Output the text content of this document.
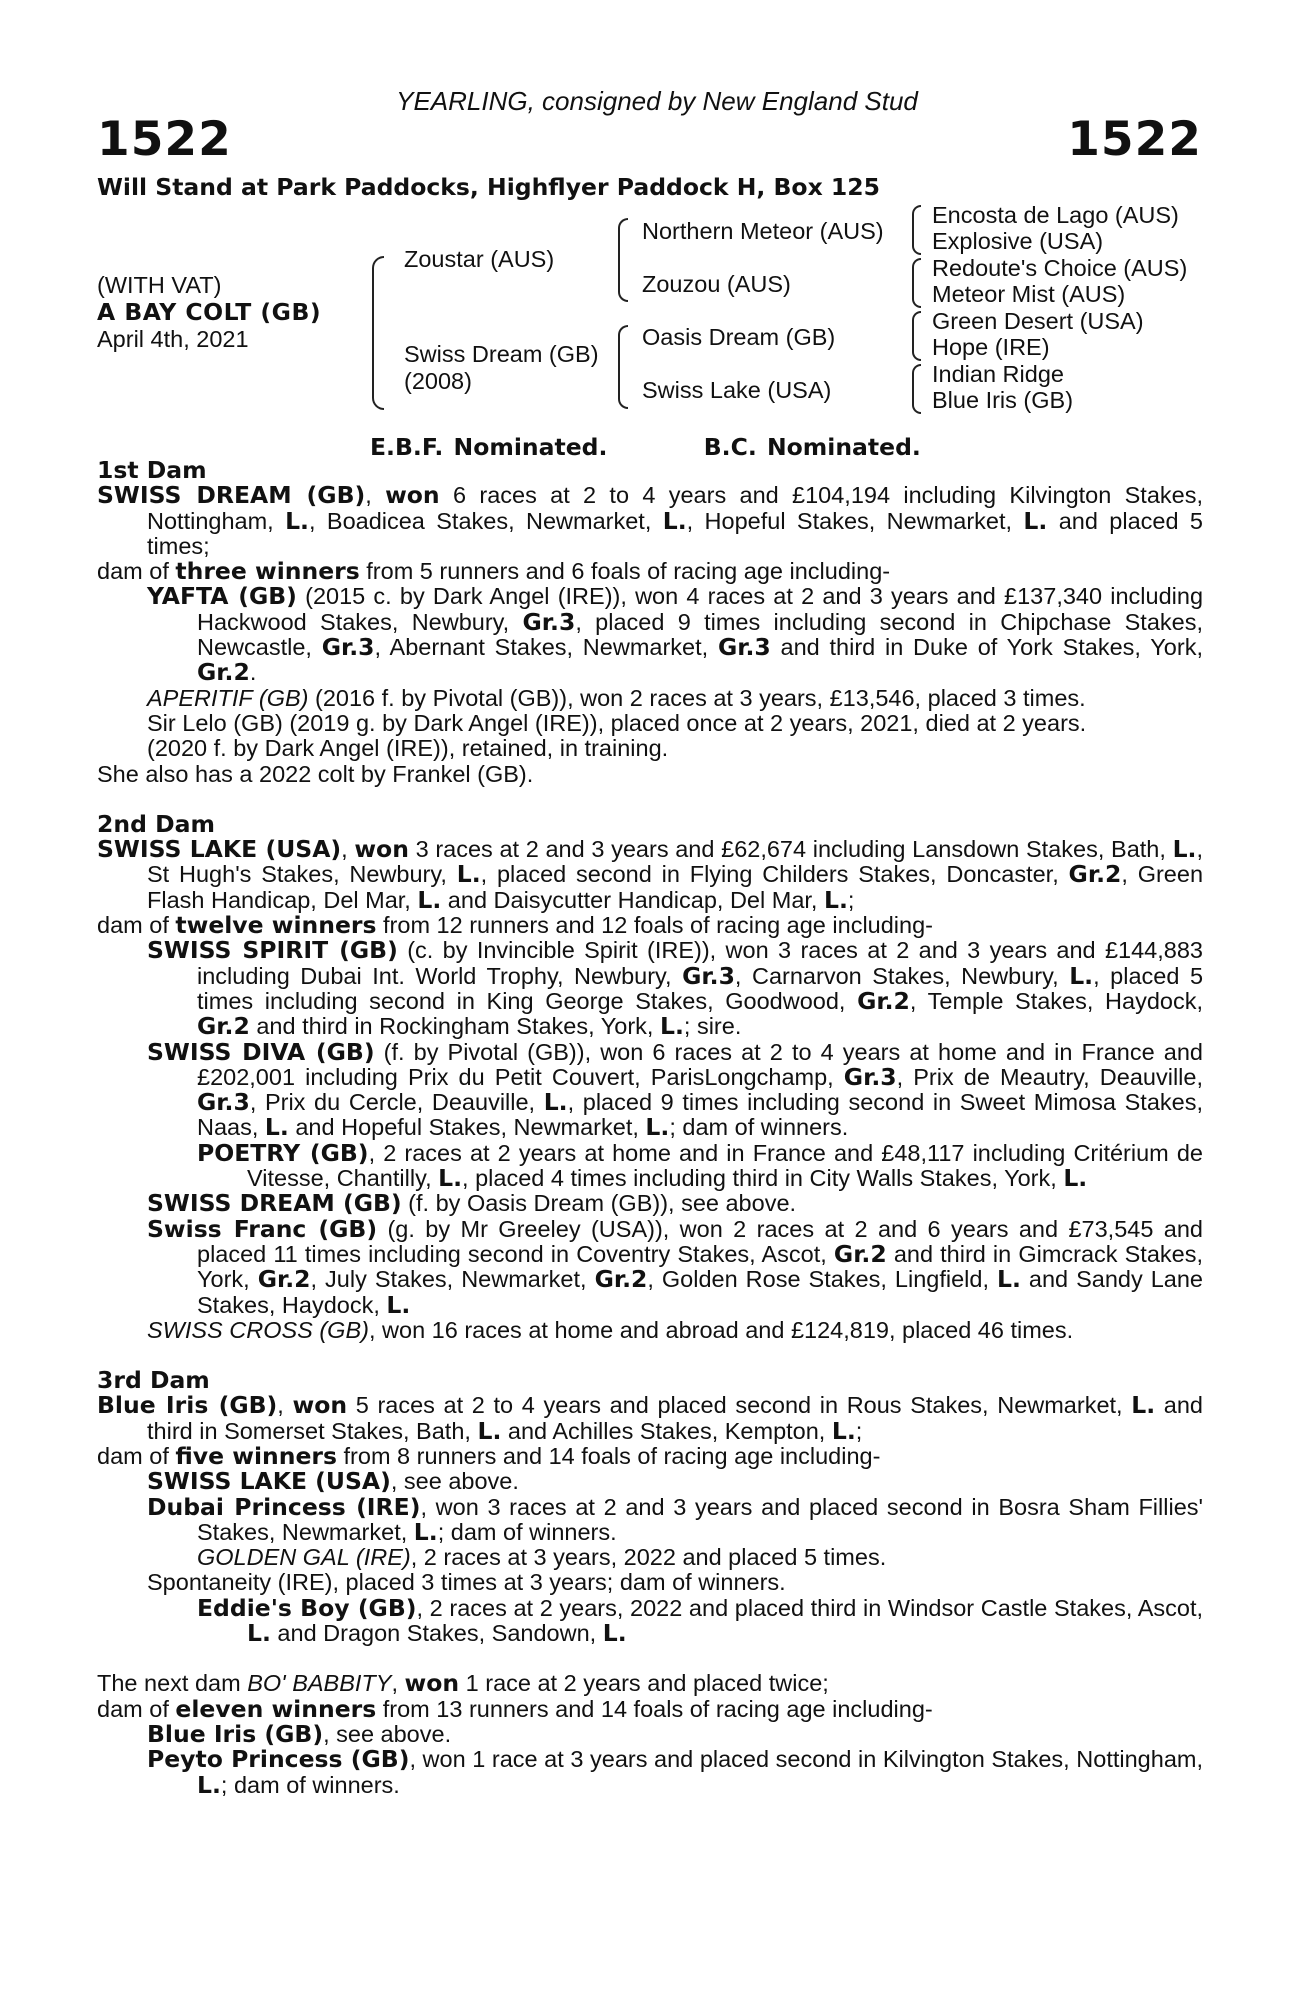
YEARLING, consigned by New England Stud
1522	1522
Will Stand at Park Paddocks, Highflyer Paddock H, Box 125
(WITH VAT)
A BAY COLT (GB)
April 4th, 2021
Zoustar (AUS)
Swiss Dream (GB)
(2008)
Northern Meteor (AUS)
Zouzou (AUS)
Oasis Dream (GB)
Swiss Lake (USA)
Encosta de Lago (AUS)
Explosive (USA)
Redoute's Choice (AUS)
Meteor Mist (AUS)
Green Desert (USA)
Hope (IRE)
Indian Ridge
Blue Iris (GB)
E.B.F. Nominated.	B.C. Nominated.
1st Dam

SWISS DREAM (GB), won 6 races at 2 to 4 years and £104,194 including Kilvington Stakes, Nottingham, L., Boadicea Stakes, Newmarket, L., Hopeful Stakes, Newmarket, L. and placed 5 times;

dam of three winners from 5 runners and 6 foals of racing age including-

YAFTA (GB) (2015 c. by Dark Angel (IRE)), won 4 races at 2 and 3 years and £137,340 including Hackwood Stakes, Newbury, Gr.3, placed 9 times including second in Chipchase Stakes, Newcastle, Gr.3, Abernant Stakes, Newmarket, Gr.3 and third in Duke of York Stakes, York, Gr.2.

APERITIF (GB) (2016 f. by Pivotal (GB)), won 2 races at 3 years, £13,546, placed 3 times.

Sir Lelo (GB) (2019 g. by Dark Angel (IRE)), placed once at 2 years, 2021, died at 2 years.

(2020 f. by Dark Angel (IRE)), retained, in training.

She also has a 2022 colt by Frankel (GB).

2nd Dam

SWISS LAKE (USA), won 3 races at 2 and 3 years and £62,674 including Lansdown Stakes, Bath, L., St Hugh's Stakes, Newbury, L., placed second in Flying Childers Stakes, Doncaster, Gr.2, Green Flash Handicap, Del Mar, L. and Daisycutter Handicap, Del Mar, L.;

dam of twelve winners from 12 runners and 12 foals of racing age including-

SWISS SPIRIT (GB) (c. by Invincible Spirit (IRE)), won 3 races at 2 and 3 years and £144,883 including Dubai Int. World Trophy, Newbury, Gr.3, Carnarvon Stakes, Newbury, L., placed 5 times including second in King George Stakes, Goodwood, Gr.2, Temple Stakes, Haydock, Gr.2 and third in Rockingham Stakes, York, L.; sire.

SWISS DIVA (GB) (f. by Pivotal (GB)), won 6 races at 2 to 4 years at home and in France and £202,001 including Prix du Petit Couvert, ParisLongchamp, Gr.3, Prix de Meautry, Deauville, Gr.3, Prix du Cercle, Deauville, L., placed 9 times including second in Sweet Mimosa Stakes, Naas, L. and Hopeful Stakes, Newmarket, L.; dam of winners.

POETRY (GB), 2 races at 2 years at home and in France and £48,117 including Critérium de Vitesse, Chantilly, L., placed 4 times including third in City Walls Stakes, York, L.

SWISS DREAM (GB) (f. by Oasis Dream (GB)), see above.

Swiss Franc (GB) (g. by Mr Greeley (USA)), won 2 races at 2 and 6 years and £73,545 and placed 11 times including second in Coventry Stakes, Ascot, Gr.2 and third in Gimcrack Stakes, York, Gr.2, July Stakes, Newmarket, Gr.2, Golden Rose Stakes, Lingfield, L. and Sandy Lane Stakes, Haydock, L.

SWISS CROSS (GB), won 16 races at home and abroad and £124,819, placed 46 times.

3rd Dam

Blue Iris (GB), won 5 races at 2 to 4 years and placed second in Rous Stakes, Newmarket, L. and third in Somerset Stakes, Bath, L. and Achilles Stakes, Kempton, L.;

dam of five winners from 8 runners and 14 foals of racing age including-

SWISS LAKE (USA), see above.

Dubai Princess (IRE), won 3 races at 2 and 3 years and placed second in Bosra Sham Fillies' Stakes, Newmarket, L.; dam of winners.

GOLDEN GAL (IRE), 2 races at 3 years, 2022 and placed 5 times.

Spontaneity (IRE), placed 3 times at 3 years; dam of winners.

Eddie's Boy (GB), 2 races at 2 years, 2022 and placed third in Windsor Castle Stakes, Ascot, L. and Dragon Stakes, Sandown, L.

The next dam BO' BABBITY, won 1 race at 2 years and placed twice;

dam of eleven winners from 13 runners and 14 foals of racing age including-

Blue Iris (GB), see above.

Peyto Princess (GB), won 1 race at 3 years and placed second in Kilvington Stakes, Nottingham, L.; dam of winners.
